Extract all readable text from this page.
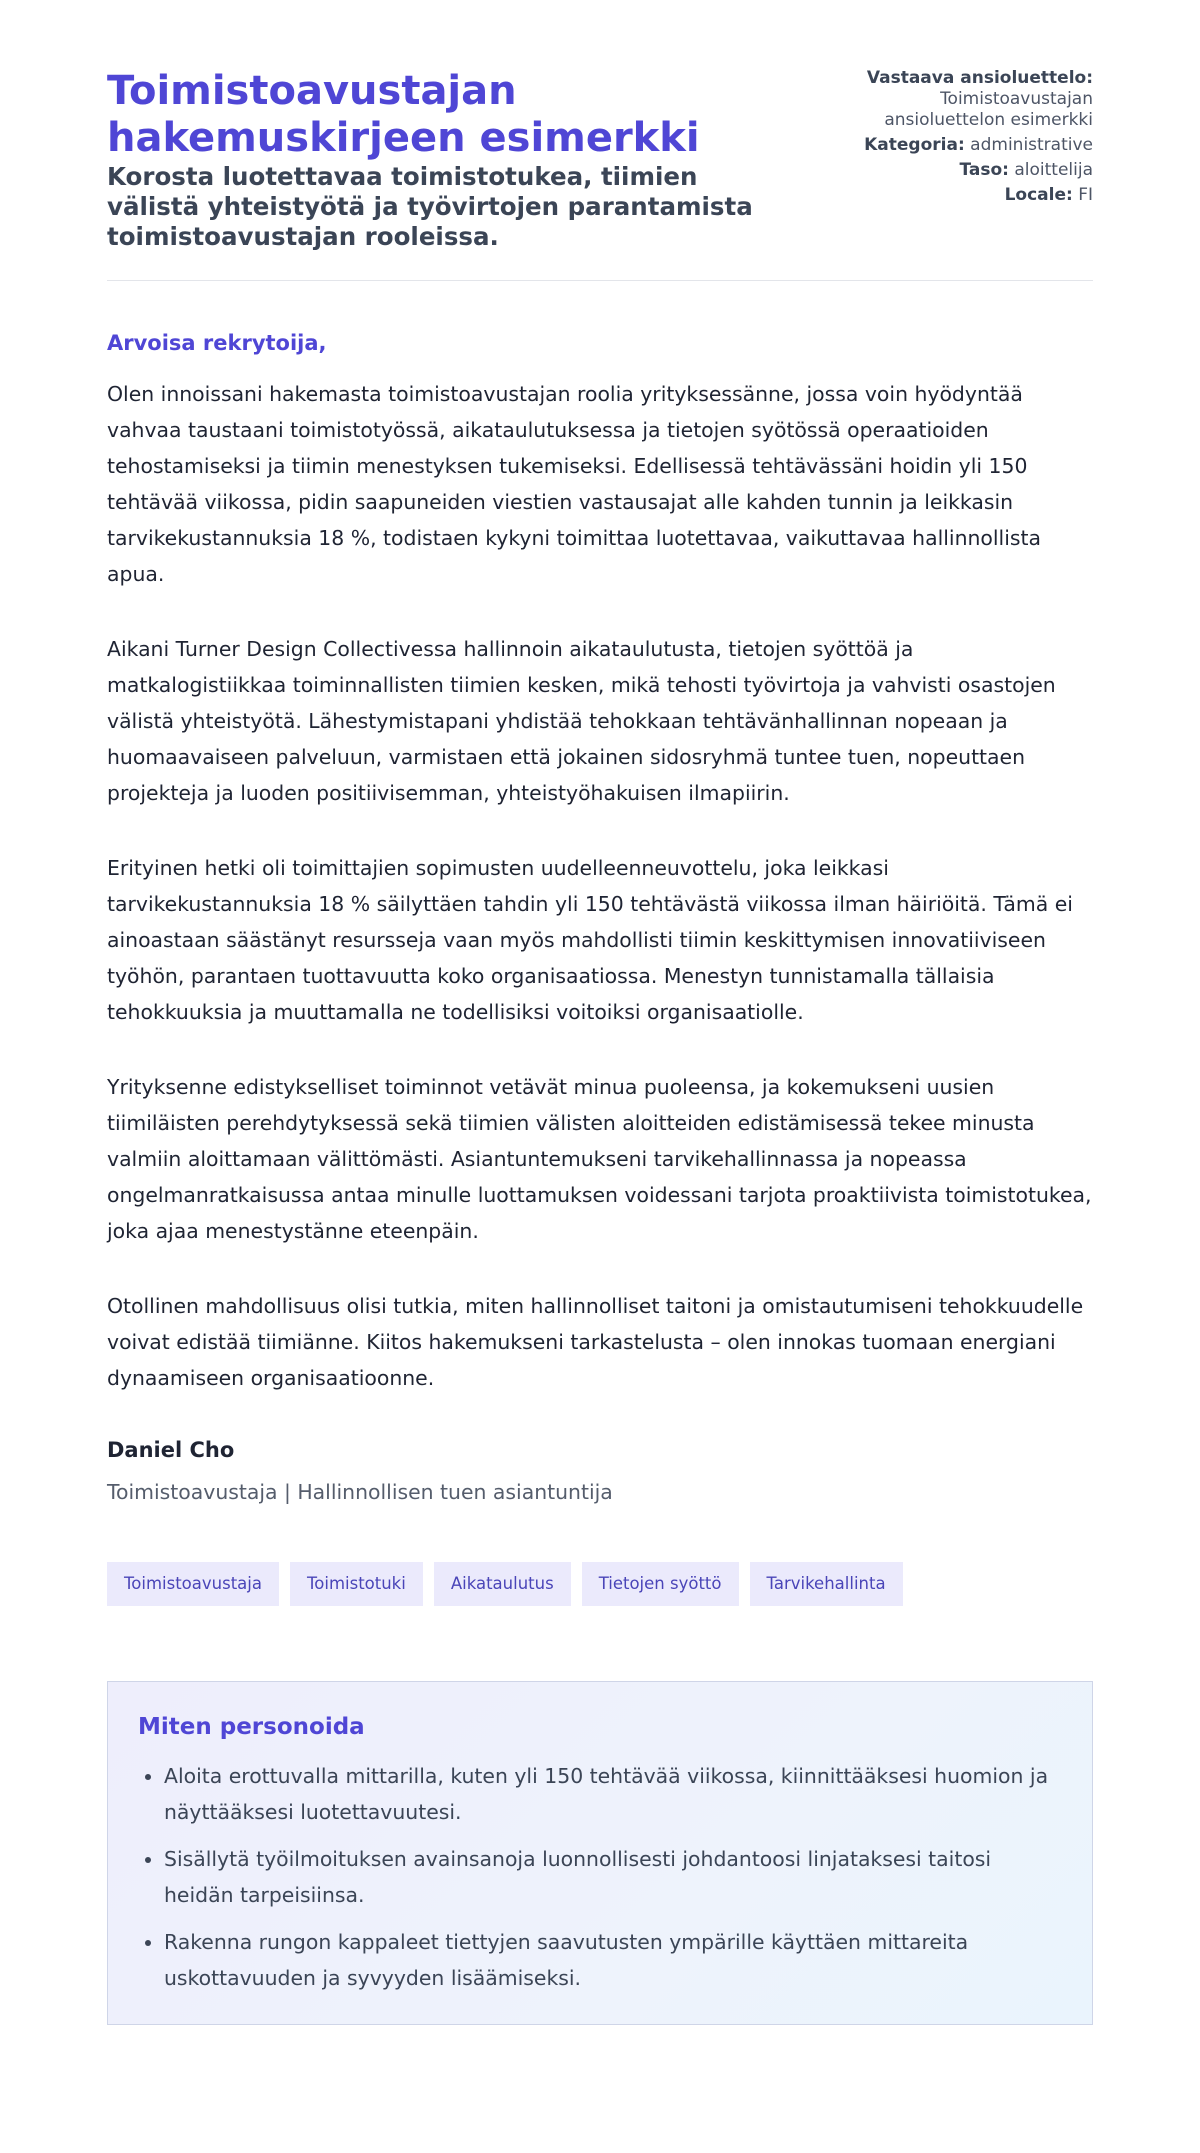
Toimistoavustajan hakemuskirjeen esimerkki
Korosta luotettavaa toimistotukea, tiimien välistä yhteistyötä ja työvirtojen parantamista toimistoavustajan rooleissa.
Vastaava ansioluettelo:
Toimistoavustajan ansioluettelon esimerkki
Kategoria: administrative
Taso: aloittelija
Locale: FI
Arvoisa rekrytoija,

Olen innoissani hakemasta toimistoavustajan roolia yrityksessänne, jossa voin hyödyntää vahvaa taustaani toimistotyössä, aikataulutuksessa ja tietojen syötössä operaatioiden tehostamiseksi ja tiimin menestyksen tukemiseksi. Edellisessä tehtävässäni hoidin yli 150 tehtävää viikossa, pidin saapuneiden viestien vastausajat alle kahden tunnin ja leikkasin tarvikekustannuksia 18 %, todistaen kykyni toimittaa luotettavaa, vaikuttavaa hallinnollista apua.

Aikani Turner Design Collectivessa hallinnoin aikataulutusta, tietojen syöttöä ja matkalogistiikkaa toiminnallisten tiimien kesken, mikä tehosti työvirtoja ja vahvisti osastojen välistä yhteistyötä. Lähestymistapani yhdistää tehokkaan tehtävänhallinnan nopeaan ja huomaavaiseen palveluun, varmistaen että jokainen sidosryhmä tuntee tuen, nopeuttaen projekteja ja luoden positiivisemman, yhteistyöhakuisen ilmapiirin.

Erityinen hetki oli toimittajien sopimusten uudelleenneuvottelu, joka leikkasi tarvikekustannuksia 18 % säilyttäen tahdin yli 150 tehtävästä viikossa ilman häiriöitä. Tämä ei ainoastaan säästänyt resursseja vaan myös mahdollisti tiimin keskittymisen innovatiiviseen työhön, parantaen tuottavuutta koko organisaatiossa. Menestyn tunnistamalla tällaisia tehokkuuksia ja muuttamalla ne todellisiksi voitoiksi organisaatiolle.

Yrityksenne edistykselliset toiminnot vetävät minua puoleensa, ja kokemukseni uusien tiimiläisten perehdytyksessä sekä tiimien välisten aloitteiden edistämisessä tekee minusta valmiin aloittamaan välittömästi. Asiantuntemukseni tarvikehallinnassa ja nopeassa ongelmanratkaisussa antaa minulle luottamuksen voidessani tarjota proaktiivista toimistotukea, joka ajaa menestystänne eteenpäin.

Otollinen mahdollisuus olisi tutkia, miten hallinnolliset taitoni ja omistautumiseni tehokkuudelle voivat edistää tiimiänne. Kiitos hakemukseni tarkastelusta – olen innokas tuomaan energiani dynaamiseen organisaatioonne.

Daniel Cho
Toimistoavustaja | Hallinnollisen tuen asiantuntija
Toimistoavustaja	Toimistotuki	Aikataulutus	Tietojen syöttö	Tarvikehallinta
Miten personoida
• Aloita erottuvalla mittarilla, kuten yli 150 tehtävää viikossa, kiinnittääksesi huomion ja näyttääksesi luotettavuutesi.
• Sisällytä työilmoituksen avainsanoja luonnollisesti johdantoosi linjataksesi taitosi heidän tarpeisiinsa.
• Rakenna rungon kappaleet tiettyjen saavutusten ympärille käyttäen mittareita uskottavuuden ja syvyyden lisäämiseksi.
